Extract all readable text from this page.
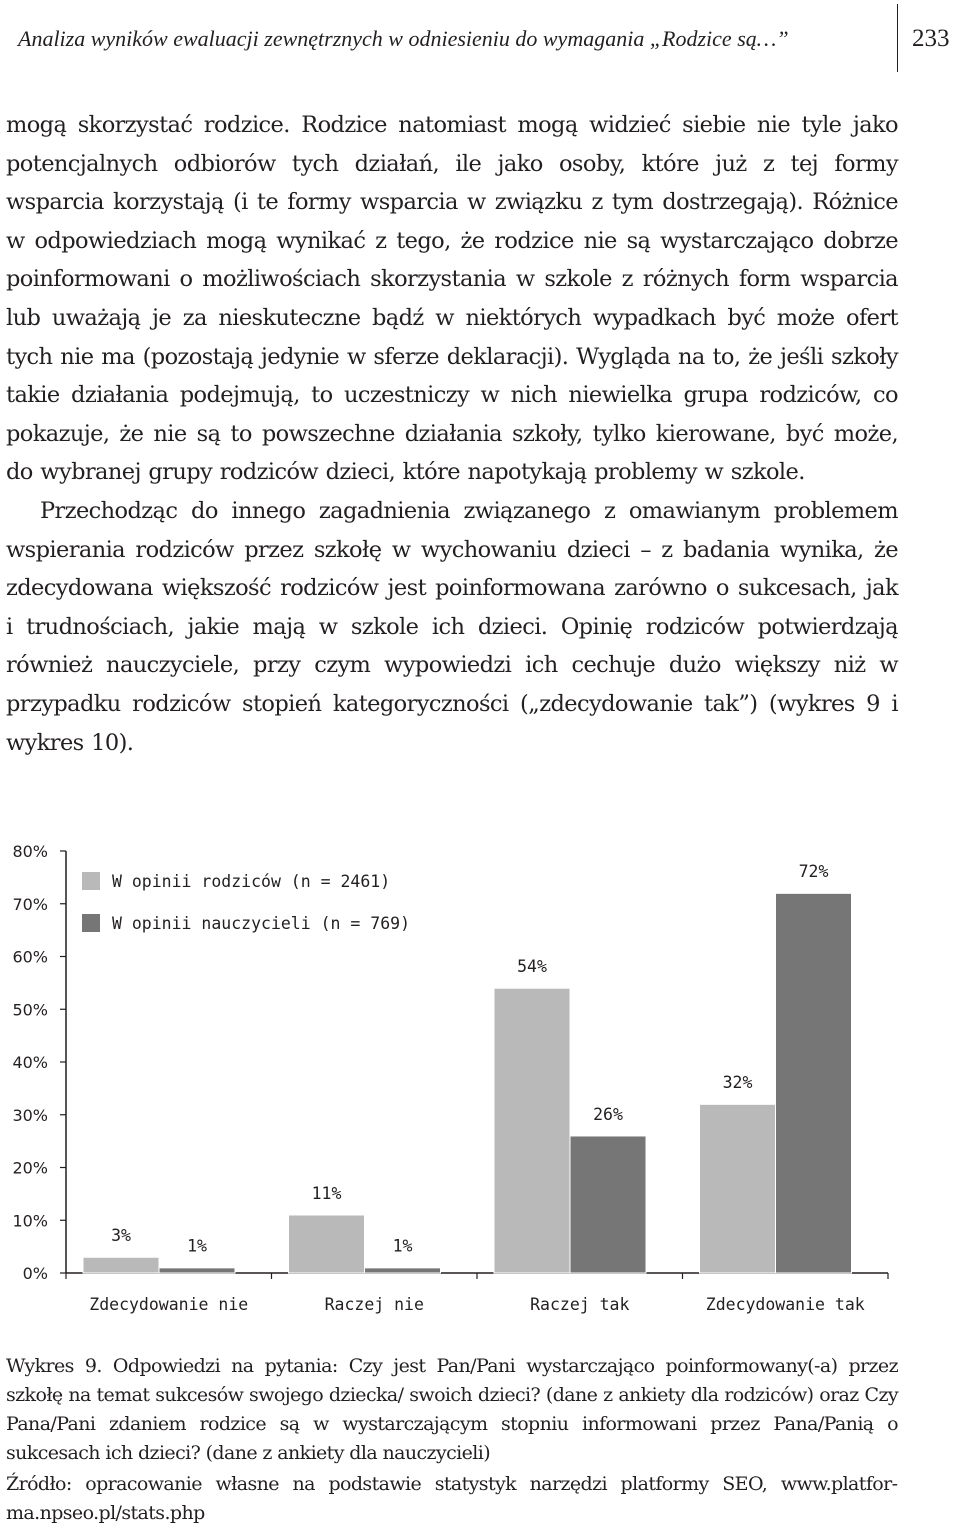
Analiza wyników ewaluacji zewnętrznych w odniesieniu do wymagania „Rodzice są…”	233

mogą skorzystać rodzice. Rodzice natomiast mogą widzieć siebie nie tyle jako potencjalnych odbiorów tych działań, ile jako osoby, które już z tej formy wsparcia korzystają (i te formy wsparcia w związku z tym dostrzegają). Różnice w odpowiedziach mogą wynikać z tego, że rodzice nie są wystarczająco dobrze poinformowani o możliwościach skorzystania w szkole z różnych form wsparcia lub uważają je za nieskuteczne bądź w niektórych wypadkach być może ofert tych nie ma (pozostają jedynie w sferze deklaracji). Wygląda na to, że jeśli szkoły takie działania podejmują, to uczestniczy w nich niewielka grupa rodziców, co pokazuje, że nie są to powszechne działania szkoły, tylko kierowane, być może, do wybranej grupy rodziców dzieci, które napotykają problemy w szkole.

Przechodząc do innego zagadnienia związanego z omawianym problemem wspierania rodziców przez szkołę w wychowaniu dzieci – z badania wynika, że zdecydowana większość rodziców jest poinformowana zarówno o sukcesach, jak i trudnościach, jakie mają w szkole ich dzieci. Opinię rodziców potwierdzają również nauczyciele, przy czym wypowiedzi ich cechuje dużo większy niż w przypadku rodziców stopień kategoryczności („zdecydowanie tak”) (wykres 9 i wykres 10).

0%
10%
20%
30%
40%
50%
60%
70%
80%
3%
1%
Zdecydowanie nie
11%
1%
Raczej nie
54%
26%
Raczej tak
32%
72%
Zdecydowanie tak
W opinii rodziców (n = 2461)
W opinii nauczycieli (n = 769)

Wykres 9. Odpowiedzi na pytania: Czy jest Pan/Pani wystarczająco poinformowany(-a) przez szkołę na temat sukcesów swojego dziecka/ swoich dzieci? (dane z ankiety dla rodziców) oraz Czy Pana/Pani zdaniem rodzice są w wystarczającym stopniu informowani przez Pana/Panią o sukcesach ich dzieci? (dane z ankiety dla nauczycieli)

Źródło: opracowanie własne na podstawie statystyk narzędzi platformy SEO, www.platforma.npseo.pl/stats.php
